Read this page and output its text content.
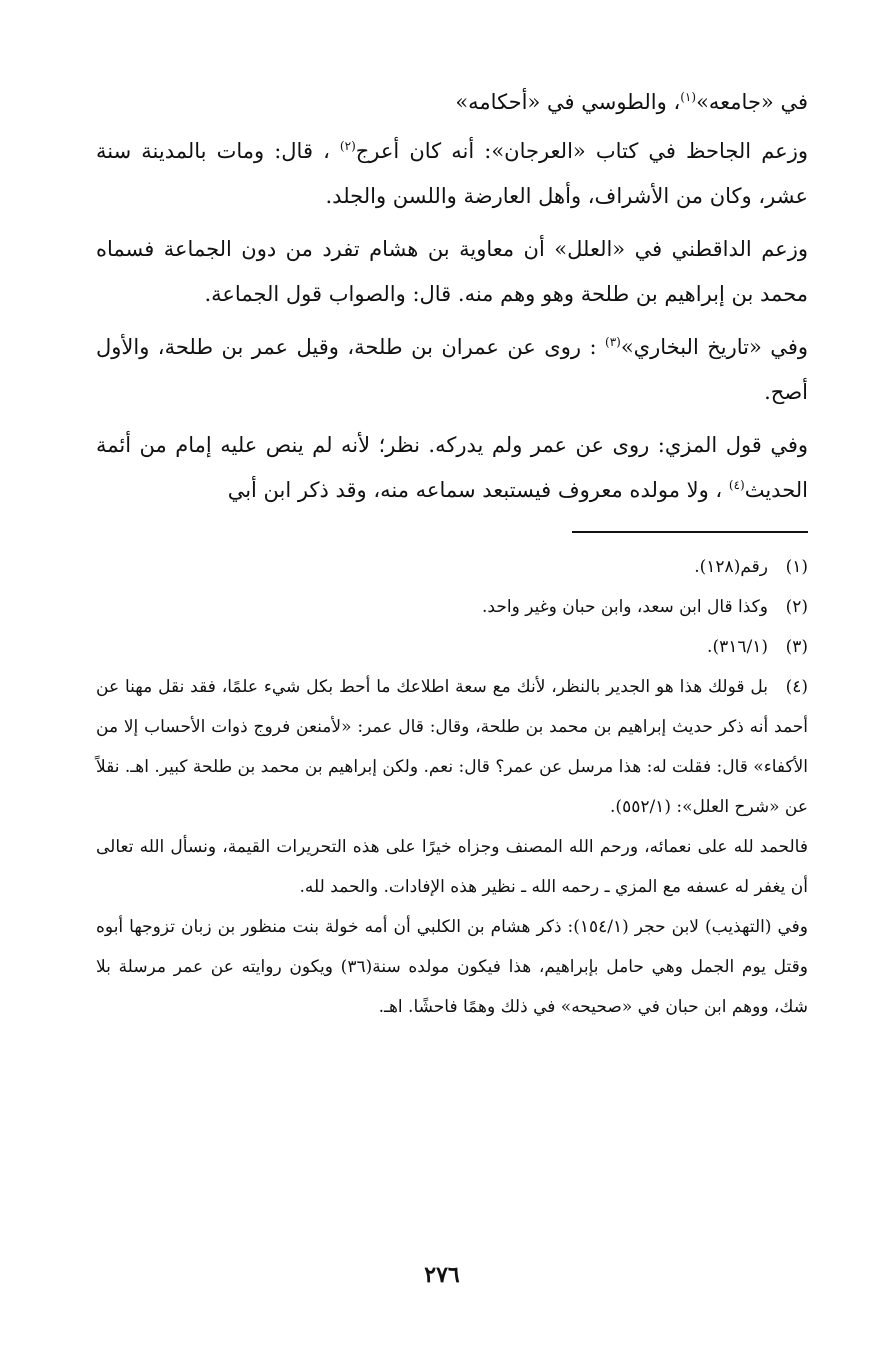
في «جامعه»$^{(١)}$، والطوسي في «أحكامه»

وزعم الجاحظ في كتاب «العرجان»: أنه كان أعرج$^{(٢)}$ ، قال: ومات بالمدينة سنة عشر، وكان من الأشراف، وأهل العارضة واللسن والجلد.

وزعم الداقطني في «العلل» أن معاوية بن هشام تفرد من دون الجماعة فسماه محمد بن إبراهيم بن طلحة وهو وهم منه. قال: والصواب قول الجماعة.

وفي «تاريخ البخاري»$^{(٣)}$ : روى عن عمران بن طلحة، وقيل عمر بن طلحة، والأول أصح.

وفي قول المزي: روى عن عمر ولم يدركه. نظر؛ لأنه لم ينص عليه إمام من أئمة الحديث$^{(٤)}$ ، ولا مولده معروف فيستبعد سماعه منه، وقد ذكر ابن أبي

(١)رقم(١٢٨).
(٢)وكذا قال ابن سعد، وابن حبان وغير واحد.
(٣)(٣١٦/١).
(٤)بل قولك هذا هو الجدير بالنظر، لأنك مع سعة اطلاعك ما أحط بكل شيء علمًا، فقد نقل مهنا عن أحمد أنه ذكر حديث إبراهيم بن محمد بن طلحة، وقال: قال عمر: «لأمنعن فروج ذوات الأحساب إلا من الأكفاء» قال: فقلت له: هذا مرسل عن عمر؟ قال: نعم. ولكن إبراهيم بن محمد بن طلحة كبير. اهـ. نقلاً عن «شرح العلل»: (٥٥٢/١).

فالحمد لله على نعمائه، ورحم الله المصنف وجزاه خيرًا على هذه التحريرات القيمة، ونسأل الله تعالى أن يغفر له عسفه مع المزي ـ رحمه الله ـ نظير هذه الإفادات. والحمد لله.

وفي (التهذيب) لابن حجر (١٥٤/١): ذكر هشام بن الكلبي أن أمه خولة بنت منظور بن زبان تزوجها أبوه وقتل يوم الجمل وهي حامل بإبراهيم، هذا فيكون مولده سنة(٣٦) ويكون روايته عن عمر مرسلة بلا شك، ووهم ابن حبان في «صحيحه» في ذلك وهمًا فاحشًا. اهـ.

٢٧٦
